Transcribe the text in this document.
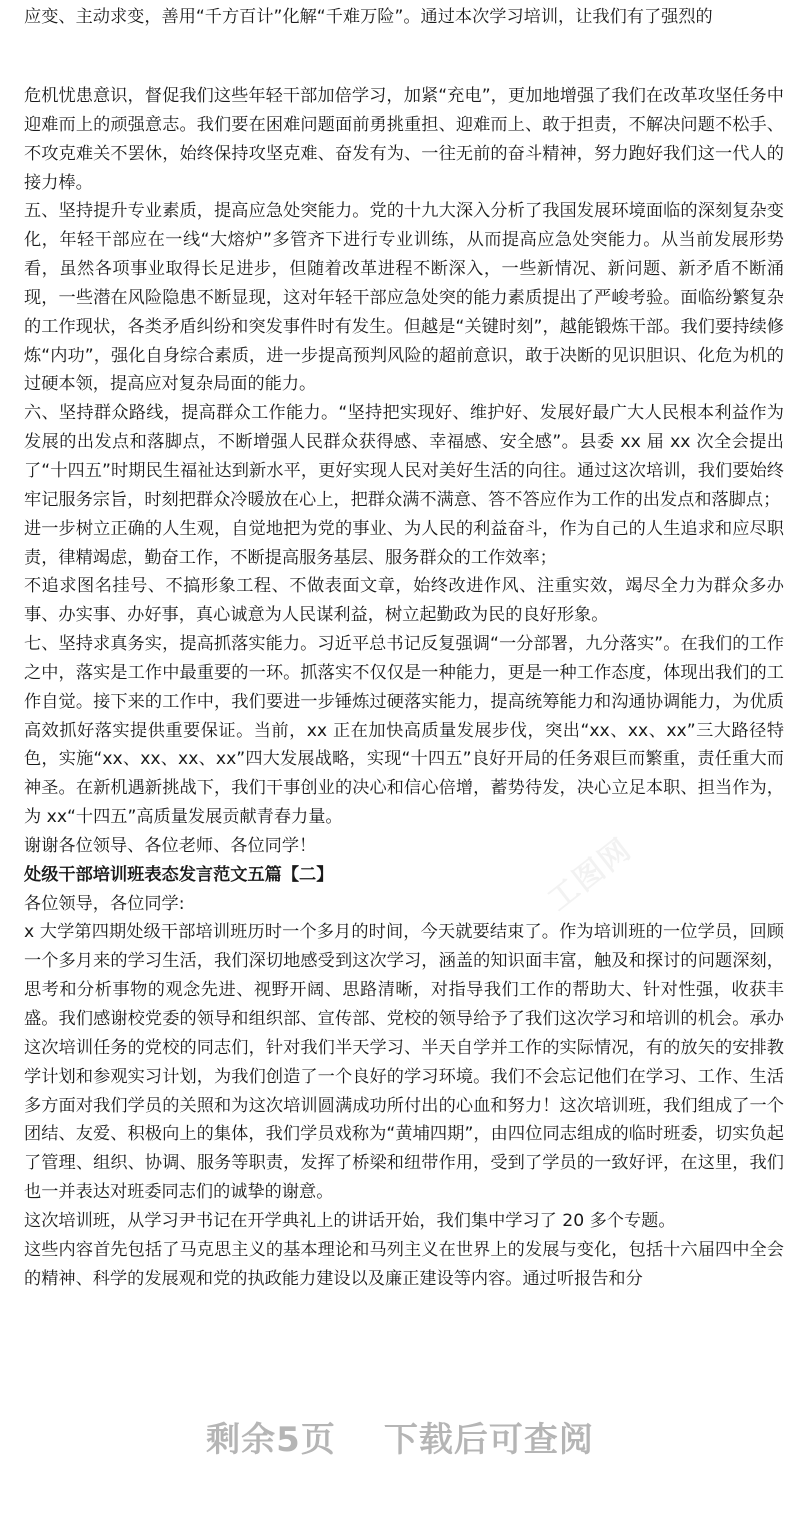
应变、主动求变，善用“千方百计”化解“千难万险”。通过本次学习培训，让我们有了强烈的

危机忧患意识，督促我们这些年轻干部加倍学习，加紧“充电”，更加地增强了我们在改革攻坚任务中迎难而上的顽强意志。我们要在困难问题面前勇挑重担、迎难而上、敢于担责，不解决问题不松手、不攻克难关不罢休，始终保持攻坚克难、奋发有为、一往无前的奋斗精神，努力跑好我们这一代人的接力棒。

五、坚持提升专业素质，提高应急处突能力。党的十九大深入分析了我国发展环境面临的深刻复杂变化，年轻干部应在一线“大熔炉”多管齐下进行专业训练，从而提高应急处突能力。从当前发展形势看，虽然各项事业取得长足进步，但随着改革进程不断深入，一些新情况、新问题、新矛盾不断涌现，一些潜在风险隐患不断显现，这对年轻干部应急处突的能力素质提出了严峻考验。面临纷繁复杂的工作现状，各类矛盾纠纷和突发事件时有发生。但越是“关键时刻”，越能锻炼干部。我们要持续修炼“内功”，强化自身综合素质，进一步提高预判风险的超前意识，敢于决断的见识胆识、化危为机的过硬本领，提高应对复杂局面的能力。

六、坚持群众路线，提高群众工作能力。“坚持把实现好、维护好、发展好最广大人民根本利益作为发展的出发点和落脚点，不断增强人民群众获得感、幸福感、安全感”。县委 xx 届 xx 次全会提出了“十四五”时期民生福祉达到新水平，更好实现人民对美好生活的向往。通过这次培训，我们要始终牢记服务宗旨，时刻把群众冷暖放在心上，把群众满不满意、答不答应作为工作的出发点和落脚点；

进一步树立正确的人生观，自觉地把为党的事业、为人民的利益奋斗，作为自己的人生追求和应尽职责，律精竭虑，勤奋工作，不断提高服务基层、服务群众的工作效率；

不追求图名挂号、不搞形象工程、不做表面文章，始终改进作风、注重实效，竭尽全力为群众多办事、办实事、办好事，真心诚意为人民谋利益，树立起勤政为民的良好形象。

七、坚持求真务实，提高抓落实能力。习近平总书记反复强调“一分部署，九分落实”。在我们的工作之中，落实是工作中最重要的一环。抓落实不仅仅是一种能力，更是一种工作态度，体现出我们的工作自觉。接下来的工作中，我们要进一步锤炼过硬落实能力，提高统筹能力和沟通协调能力，为优质高效抓好落实提供重要保证。当前，xx 正在加快高质量发展步伐，突出“xx、xx、xx”三大路径特色，实施“xx、xx、xx、xx”四大发展战略，实现“十四五”良好开局的任务艰巨而繁重，责任重大而神圣。在新机遇新挑战下，我们干事创业的决心和信心倍增，蓄势待发，决心立足本职、担当作为，为 xx“十四五”高质量发展贡献青春力量。

谢谢各位领导、各位老师、各位同学！

处级干部培训班表态发言范文五篇【二】

各位领导，各位同学:

x 大学第四期处级干部培训班历时一个多月的时间，今天就要结束了。作为培训班的一位学员，回顾一个多月来的学习生活，我们深切地感受到这次学习，涵盖的知识面丰富，触及和探讨的问题深刻，思考和分析事物的观念先进、视野开阔、思路清晰，对指导我们工作的帮助大、针对性强，收获丰盛。我们感谢校党委的领导和组织部、宣传部、党校的领导给予了我们这次学习和培训的机会。承办这次培训任务的党校的同志们，针对我们半天学习、半天自学并工作的实际情况，有的放矢的安排教学计划和参观实习计划，为我们创造了一个良好的学习环境。我们不会忘记他们在学习、工作、生活多方面对我们学员的关照和为这次培训圆满成功所付出的心血和努力！这次培训班，我们组成了一个团结、友爱、积极向上的集体，我们学员戏称为“黄埔四期”，由四位同志组成的临时班委，切实负起了管理、组织、协调、服务等职责，发挥了桥梁和纽带作用，受到了学员的一致好评，在这里，我们也一并表达对班委同志们的诚挚的谢意。

这次培训班，从学习尹书记在开学典礼上的讲话开始，我们集中学习了 20 多个专题。

这些内容首先包括了马克思主义的基本理论和马列主义在世界上的发展与变化，包括十六届四中全会的精神、科学的发展观和党的执政能力建设以及廉正建设等内容。通过听报告和分

工图网
剩余5页 下载后可查阅
